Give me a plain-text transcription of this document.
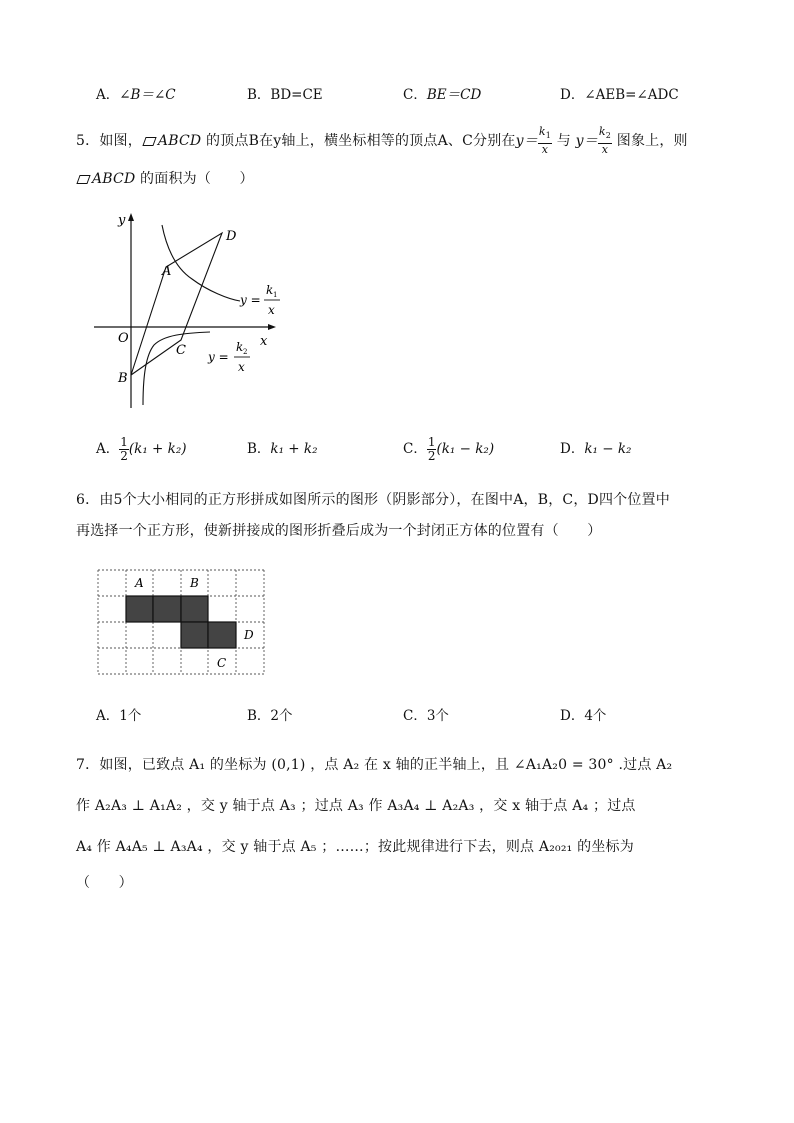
A．∠B＝∠C	B．BD=CE	C．BE＝CD	D．∠AEB=∠ADC
5．如图， ABCD 的顶点B在y轴上，横坐标相等的顶点A、C分别在$y= \frac{k_1}{x}$ 与 $y= \frac{k_2}{x}$ 图象上，则
ABCD 的面积为（　　）
y
x
O
A
B
C
D
y =
k 1
x
y =
k 2
x
A． $\frac{1}{2} (k_1 + k_2)$	B．k₁ + k₂	C． $\frac{1}{2} (k_1 - k_2)$	D．k₁ − k₂
6．由5个大小相同的正方形拼成如图所示的图形（阴影部分），在图中A，B，C，D四个位置中
再选择一个正方形，使新拼接成的图形折叠后成为一个封闭正方体的位置有（　　）
A	B
C
D
A．1个	B．2个	C．3个	D．4个
7．如图，已致点 A₁ 的坐标为 (0,1) ，点 A₂ 在 x 轴的正半轴上，且 ∠A₁A₂0 = 30° .过点 A₂
作 A₂A₃ ⊥ A₁A₂ ，交 y 轴于点 A₃ ；过点 A₃ 作 A₃A₄ ⊥ A₂A₃ ，交 x 轴于点 A₄ ；过点
A₄ 作 A₄A₅ ⊥ A₃A₄ ，交 y 轴于点 A₅ ；……；按此规律进行下去，则点 A₂₀₂₁ 的坐标为
（　　）
